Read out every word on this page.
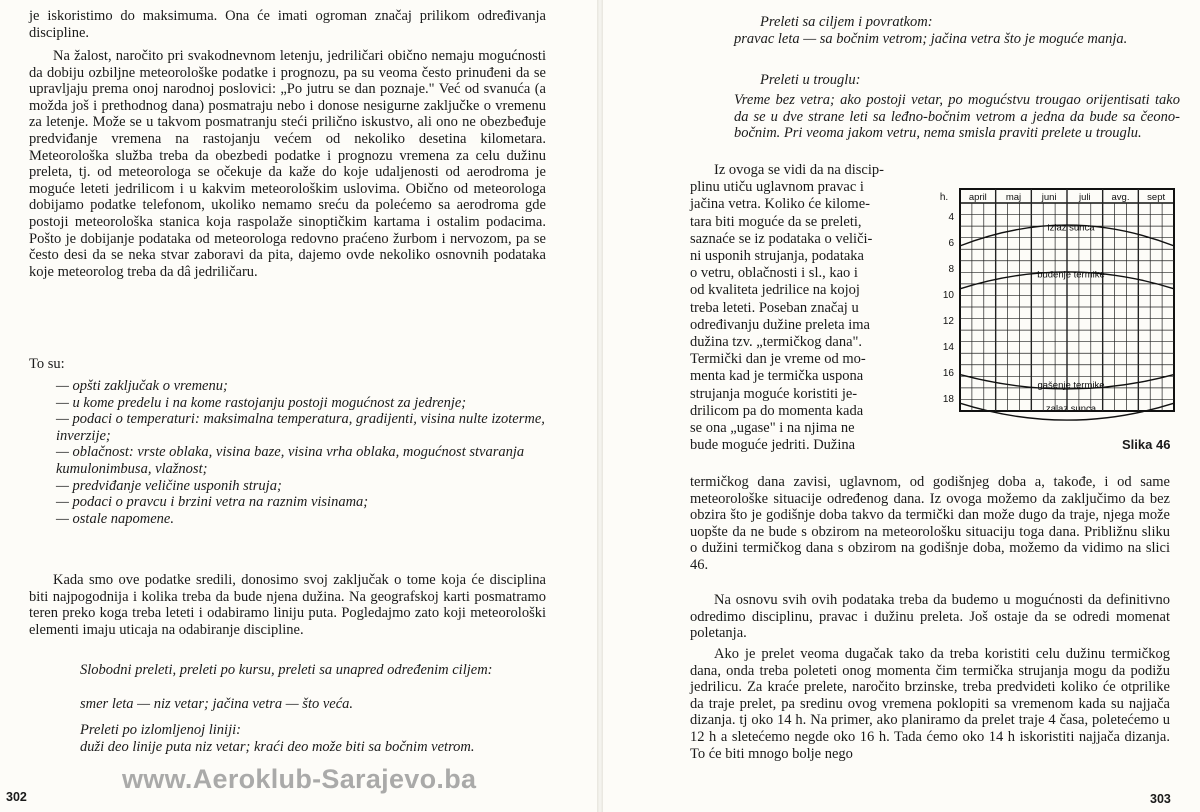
je iskoristimo do maksimuma. Ona će imati ogroman značaj prilikom određivanja discipline.

Na žalost, naročito pri svakodnevnom letenju, jedriličari obično nemaju mogućnosti da dobiju ozbiljne meteorološke podatke i prognozu, pa su veoma često prinuđeni da se upravljaju prema onoj narodnoj poslovici: „Po jutru se dan poznaje." Već od svanuća (a možda još i prethodnog dana) posmatraju nebo i donose nesigurne zaključke o vremenu za letenje. Može se u takvom posmatranju steći prilično iskustvo, ali ono ne obezbeđuje predviđanje vremena na rastojanju većem od nekoliko desetina kilometara. Meteorološka služba treba da obezbedi podatke i prognozu vremena za celu dužinu preleta, tj. od meteorologa se očekuje da kaže do koje udaljenosti od aerodroma je moguće leteti jedrilicom i u kakvim meteorološkim uslovima. Obično od meteorologa dobijamo podatke telefonom, ukoliko nemamo sreću da polećemo sa aerodroma gde postoji meteorološka stanica koja raspolaže sinoptičkim kartama i ostalim podacima. Pošto je dobijanje podataka od meteorologa redovno praćeno žurbom i nervozom, pa se često desi da se neka stvar zaboravi da pita, dajemo ovde nekoliko osnovnih podataka koje meteorolog treba da dâ jedriličaru.

To su:

— opšti zaključak o vremenu;
— u kome predelu i na kome rastojanju postoji mogućnost za jedrenje;
— podaci o temperaturi: maksimalna temperatura, gradijenti, visina nulte izoterme, inverzije;
— oblačnost: vrste oblaka, visina baze, visina vrha oblaka, mogućnost stvaranja kumulonimbusa, vlažnost;
— predviđanje veličine usponih struja;
— podaci o pravcu i brzini vetra na raznim visinama;
— ostale napomene.

Kada smo ove podatke sredili, donosimo svoj zaključak o tome koja će disciplina biti najpogodnija i kolika treba da bude njena dužina. Na geografskoj karti posmatramo teren preko koga treba leteti i odabiramo liniju puta. Pogledajmo zato koji meteorološki elementi imaju uticaja na odabiranje discipline.

Slobodni preleti, preleti po kursu, preleti sa unapred određenim ciljem:

smer leta — niz vetar; jačina vetra — što veća.

Preleti po izlomljenoj liniji:

duži deo linije puta niz vetar; kraći deo može biti sa bočnim vetrom.

302
www.Aeroklub-Sarajevo.ba

Preleti sa ciljem i povratkom:

pravac leta — sa bočnim vetrom; jačina vetra što je moguće manja.

Preleti u trouglu:

Vreme bez vetra; ako postoji vetar, po mogućstvu trougao orijentisati tako da se u dve strane leti sa leđno-bočnim vetrom a jedna da bude sa čeono-bočnim. Pri veoma jakom vetru, nema smisla praviti prelete u trouglu.

Iz ovoga se vidi da na discip-
plinu utiču uglavnom pravac i
jačina vetra. Koliko će kilome-
tara biti moguće da se preleti,
saznaće se iz podataka o veliči-
ni usponih strujanja, podataka
o vetru, oblačnosti i sl., kao i
od kvaliteta jedrilice na kojoj
treba leteti. Poseban značaj u
određivanju dužine preleta ima
dužina tzv. „termičkog dana".
Termički dan je vreme od mo-
menta kad je termička uspona
strujanja moguće koristiti je-
drilicom pa do momenta kada
se ona „ugase" i na njima ne
bude moguće jedriti. Dužina
april maj juni juli avg. sept
h.
4
6
8
10
12
14
16
18
izlaz sunca
buđenje termike
gašenje termike
zalaz sunca
Slika 46

termičkog dana zavisi, uglavnom, od godišnjeg doba a, takođe, i od same meteorološke situacije određenog dana. Iz ovoga možemo da zaključimo da bez obzira što je godišnje doba takvo da termički dan može dugo da traje, njega može uopšte da ne bude s obzirom na meteorološku situaciju toga dana. Približnu sliku o dužini termičkog dana s obzirom na godišnje doba, možemo da vidimo na slici 46.

Na osnovu svih ovih podataka treba da budemo u mogućnosti da definitivno odredimo disciplinu, pravac i dužinu preleta. Još ostaje da se odredi momenat poletanja.

Ako je prelet veoma dugačak tako da treba koristiti celu dužinu termičkog dana, onda treba poleteti onog momenta čim termička strujanja mogu da podižu jedrilicu. Za kraće prelete, naročito brzinske, treba predvideti koliko će otprilike da traje prelet, pa sredinu ovog vremena poklopiti sa vremenom kada su najjača dizanja. tj oko 14 h. Na primer, ako planiramo da prelet traje 4 časa, poletećemo u 12 h a sletećemo negde oko 16 h. Tada ćemo oko 14 h iskoristiti najjača dizanja. To će biti mnogo bolje nego

303
